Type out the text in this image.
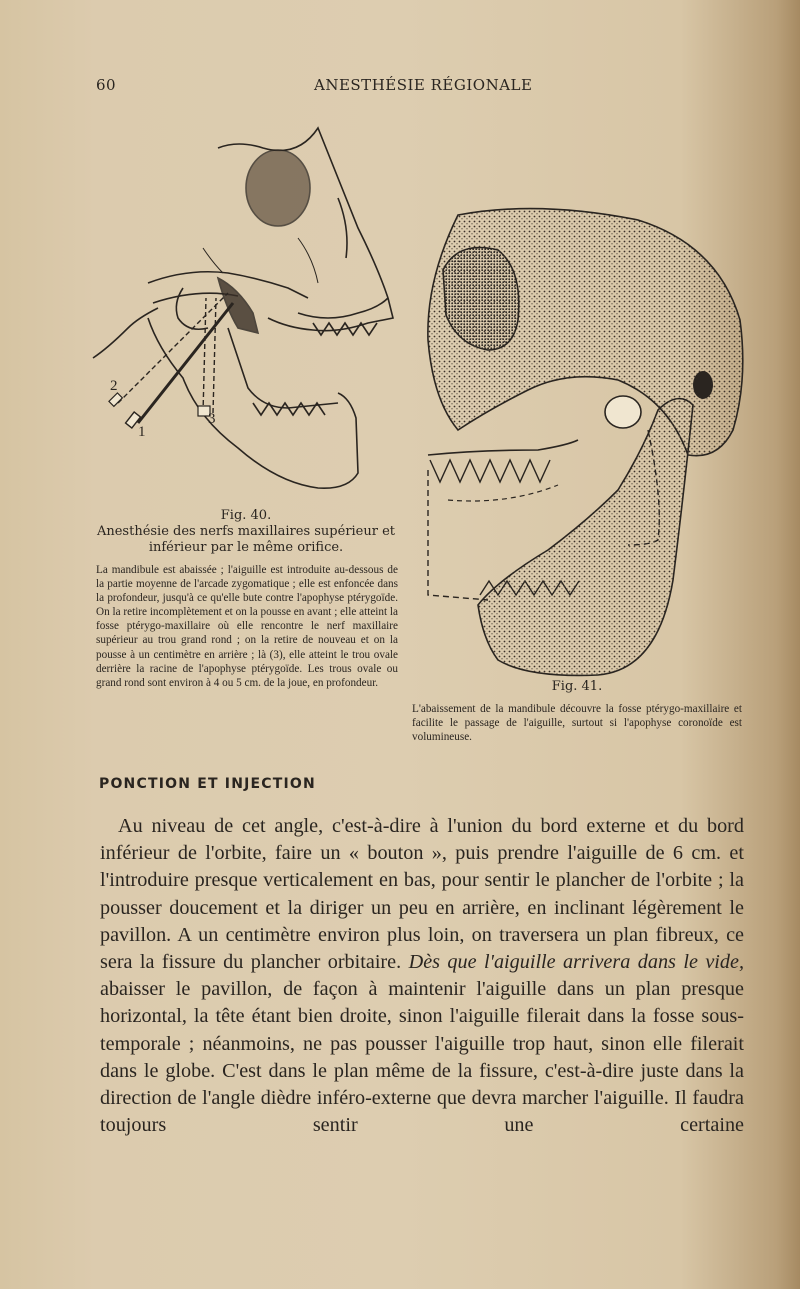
60	ANESTHÉSIE RÉGIONALE
1
2
3
Fig. 40.
Anesthésie des nerfs maxillaires supérieur et inférieur par le même orifice.
La mandibule est abaissée ; l'aiguille est introduite au-dessous de la partie moyenne de l'arcade zygomatique ; elle est enfoncée dans la profondeur, jusqu'à ce qu'elle bute contre l'apophyse ptérygoïde. On la retire incomplètement et on la pousse en avant ; elle atteint la fosse ptérygo-maxillaire où elle rencontre le nerf maxillaire supérieur au trou grand rond ; on la retire de nouveau et on la pousse à un centimètre en arrière ; là (3), elle atteint le trou ovale derrière la racine de l'apophyse ptérygoïde. Les trous ovale ou grand rond sont environ à 4 ou 5 cm. de la joue, en profondeur.	Fig. 41.
L'abaissement de la mandibule découvre la fosse ptérygo-maxillaire et facilite le passage de l'aiguille, surtout si l'apophyse coronoïde est volumineuse.
PONCTION ET INJECTION

Au niveau de cet angle, c'est-à-dire à l'union du bord externe et du bord inférieur de l'orbite, faire un « bouton », puis prendre l'aiguille de 6 cm. et l'introduire presque verticalement en bas, pour sentir le plancher de l'orbite ; la pousser doucement et la diriger un peu en arrière, en inclinant légèrement le pavillon. A un centimètre environ plus loin, on traversera un plan fibreux, ce sera la fissure du plancher orbitaire. Dès que l'aiguille arrivera dans le vide, abaisser le pavillon, de façon à maintenir l'aiguille dans un plan presque horizontal, la tête étant bien droite, sinon l'aiguille filerait dans la fosse sous-temporale ; néanmoins, ne pas pousser l'aiguille trop haut, sinon elle filerait dans le globe. C'est dans le plan même de la fissure, c'est-à-dire juste dans la direction de l'angle dièdre inféro-externe que devra marcher l'aiguille. Il faudra toujours sentir une certaine
